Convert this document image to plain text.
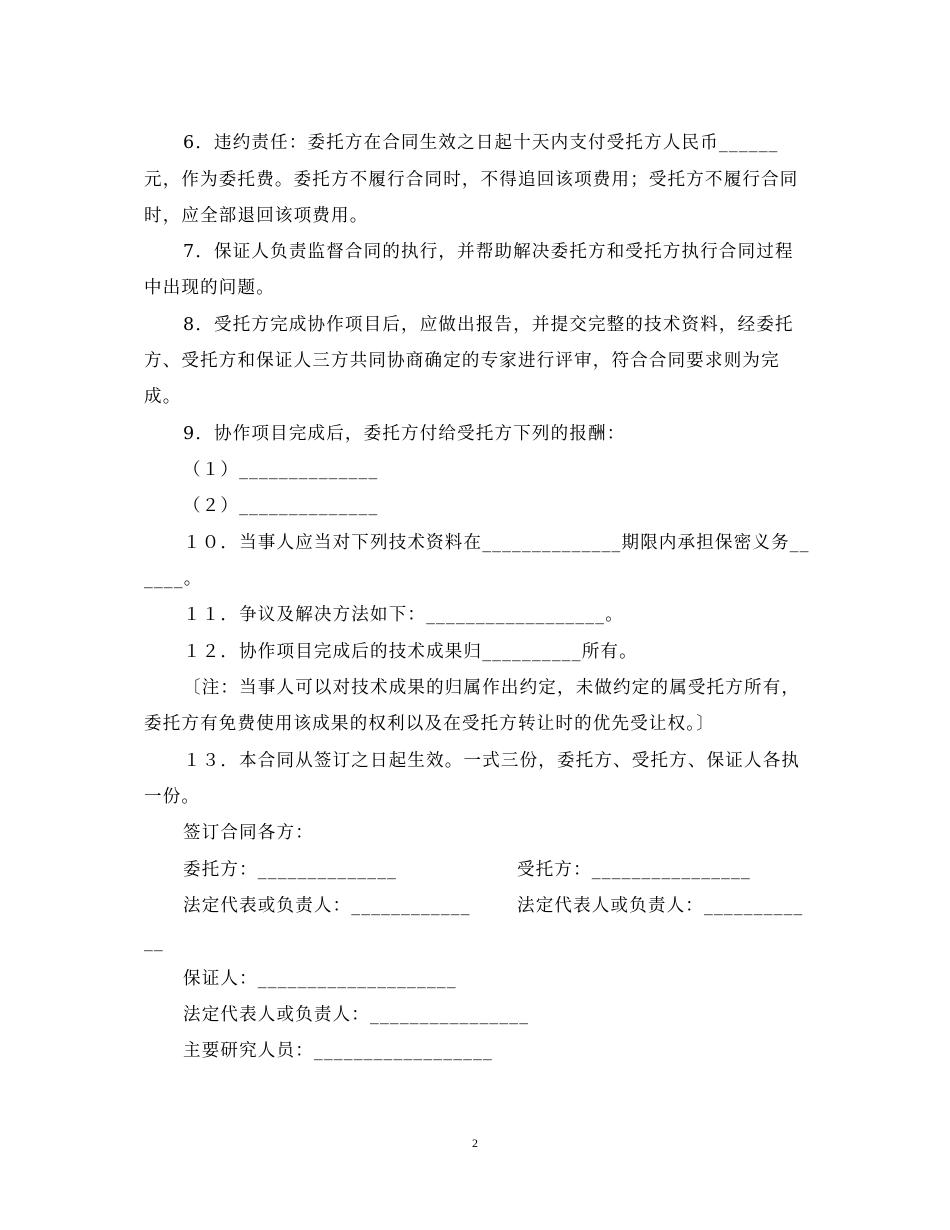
6．违约责任：委托方在合同生效之日起十天内支付受托方人民币______
元，作为委托费。委托方不履行合同时，不得追回该项费用；受托方不履行合同
时，应全部退回该项费用。
7．保证人负责监督合同的执行，并帮助解决委托方和受托方执行合同过程
中出现的问题。
8．受托方完成协作项目后，应做出报告，并提交完整的技术资料，经委托
方、受托方和保证人三方共同协商确定的专家进行评审，符合合同要求则为完
成。
9．协作项目完成后，委托方付给受托方下列的报酬：
（１）______________
（２）______________
１０．当事人应当对下列技术资料在______________期限内承担保密义务__
____。
１１．争议及解决方法如下：__________________。
１２．协作项目完成后的技术成果归__________所有。
〔注：当事人可以对技术成果的归属作出约定，未做约定的属受托方所有，
委托方有免费使用该成果的权利以及在受托方转让时的优先受让权。〕
１３．本合同从签订之日起生效。一式三份，委托方、受托方、保证人各执
一份。
签订合同各方：
委托方：______________	受托方：________________
法定代表或负责人：____________	法定代表人或负责人：__________
__
保证人：____________________
法定代表人或负责人：________________
主要研究人员：__________________
2
